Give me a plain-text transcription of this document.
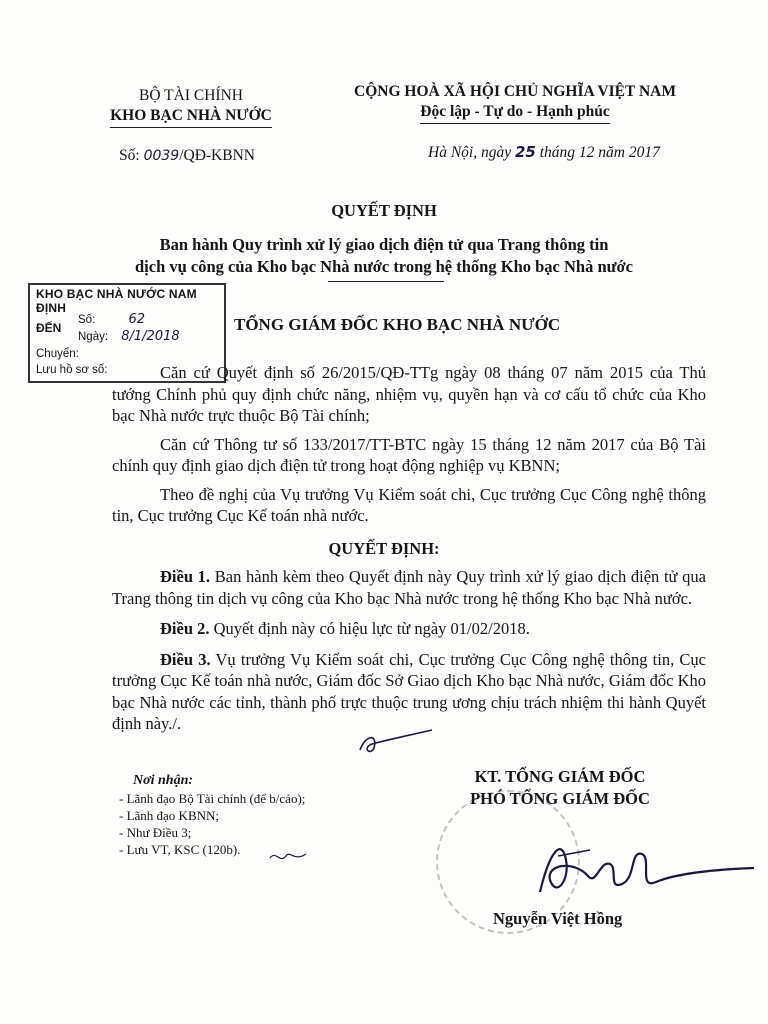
BỘ TÀI CHÍNH
KHO BẠC NHÀ NƯỚC
Số: 0039/QĐ-KBNN
CỘNG HOÀ XÃ HỘI CHỦ NGHĨA VIỆT NAM
Độc lập - Tự do - Hạnh phúc
Hà Nội, ngày 25 tháng 12 năm 2017
QUYẾT ĐỊNH
Ban hành Quy trình xử lý giao dịch điện tử qua Trang thông tin
dịch vụ công của Kho bạc Nhà nước trong hệ thống Kho bạc Nhà nước
KHO BẠC NHÀ NƯỚC NAM ĐỊNH
ĐẾN
Số:	62
Ngày: 8/1/2018
Chuyển:
Lưu hồ sơ số:
TỔNG GIÁM ĐỐC KHO BẠC NHÀ NƯỚC

Căn cứ Quyết định số 26/2015/QĐ-TTg ngày 08 tháng 07 năm 2015 của Thủ tướng Chính phủ quy định chức năng, nhiệm vụ, quyền hạn và cơ cấu tổ chức của Kho bạc Nhà nước trực thuộc Bộ Tài chính;

Căn cứ Thông tư số 133/2017/TT-BTC ngày 15 tháng 12 năm 2017 của Bộ Tài chính quy định giao dịch điện tử trong hoạt động nghiệp vụ KBNN;

Theo đề nghị của Vụ trưởng Vụ Kiểm soát chi, Cục trưởng Cục Công nghệ thông tin, Cục trưởng Cục Kế toán nhà nước.

QUYẾT ĐỊNH:

Điều 1. Ban hành kèm theo Quyết định này Quy trình xử lý giao dịch điện tử qua Trang thông tin dịch vụ công của Kho bạc Nhà nước trong hệ thống Kho bạc Nhà nước.

Điều 2. Quyết định này có hiệu lực từ ngày 01/02/2018.

Điều 3. Vụ trưởng Vụ Kiểm soát chi, Cục trưởng Cục Công nghệ thông tin, Cục trưởng Cục Kế toán nhà nước, Giám đốc Sở Giao dịch Kho bạc Nhà nước, Giám đốc Kho bạc Nhà nước các tỉnh, thành phố trực thuộc trung ương chịu trách nhiệm thi hành Quyết định này./.

Nơi nhận:
- Lãnh đạo Bộ Tài chính (để b/cáo);
- Lãnh đạo KBNN;
- Như Điều 3;
- Lưu VT, KSC (120b).
KT. TỔNG GIÁM ĐỐC
PHÓ TỔNG GIÁM ĐỐC
Nguyễn Việt Hồng
